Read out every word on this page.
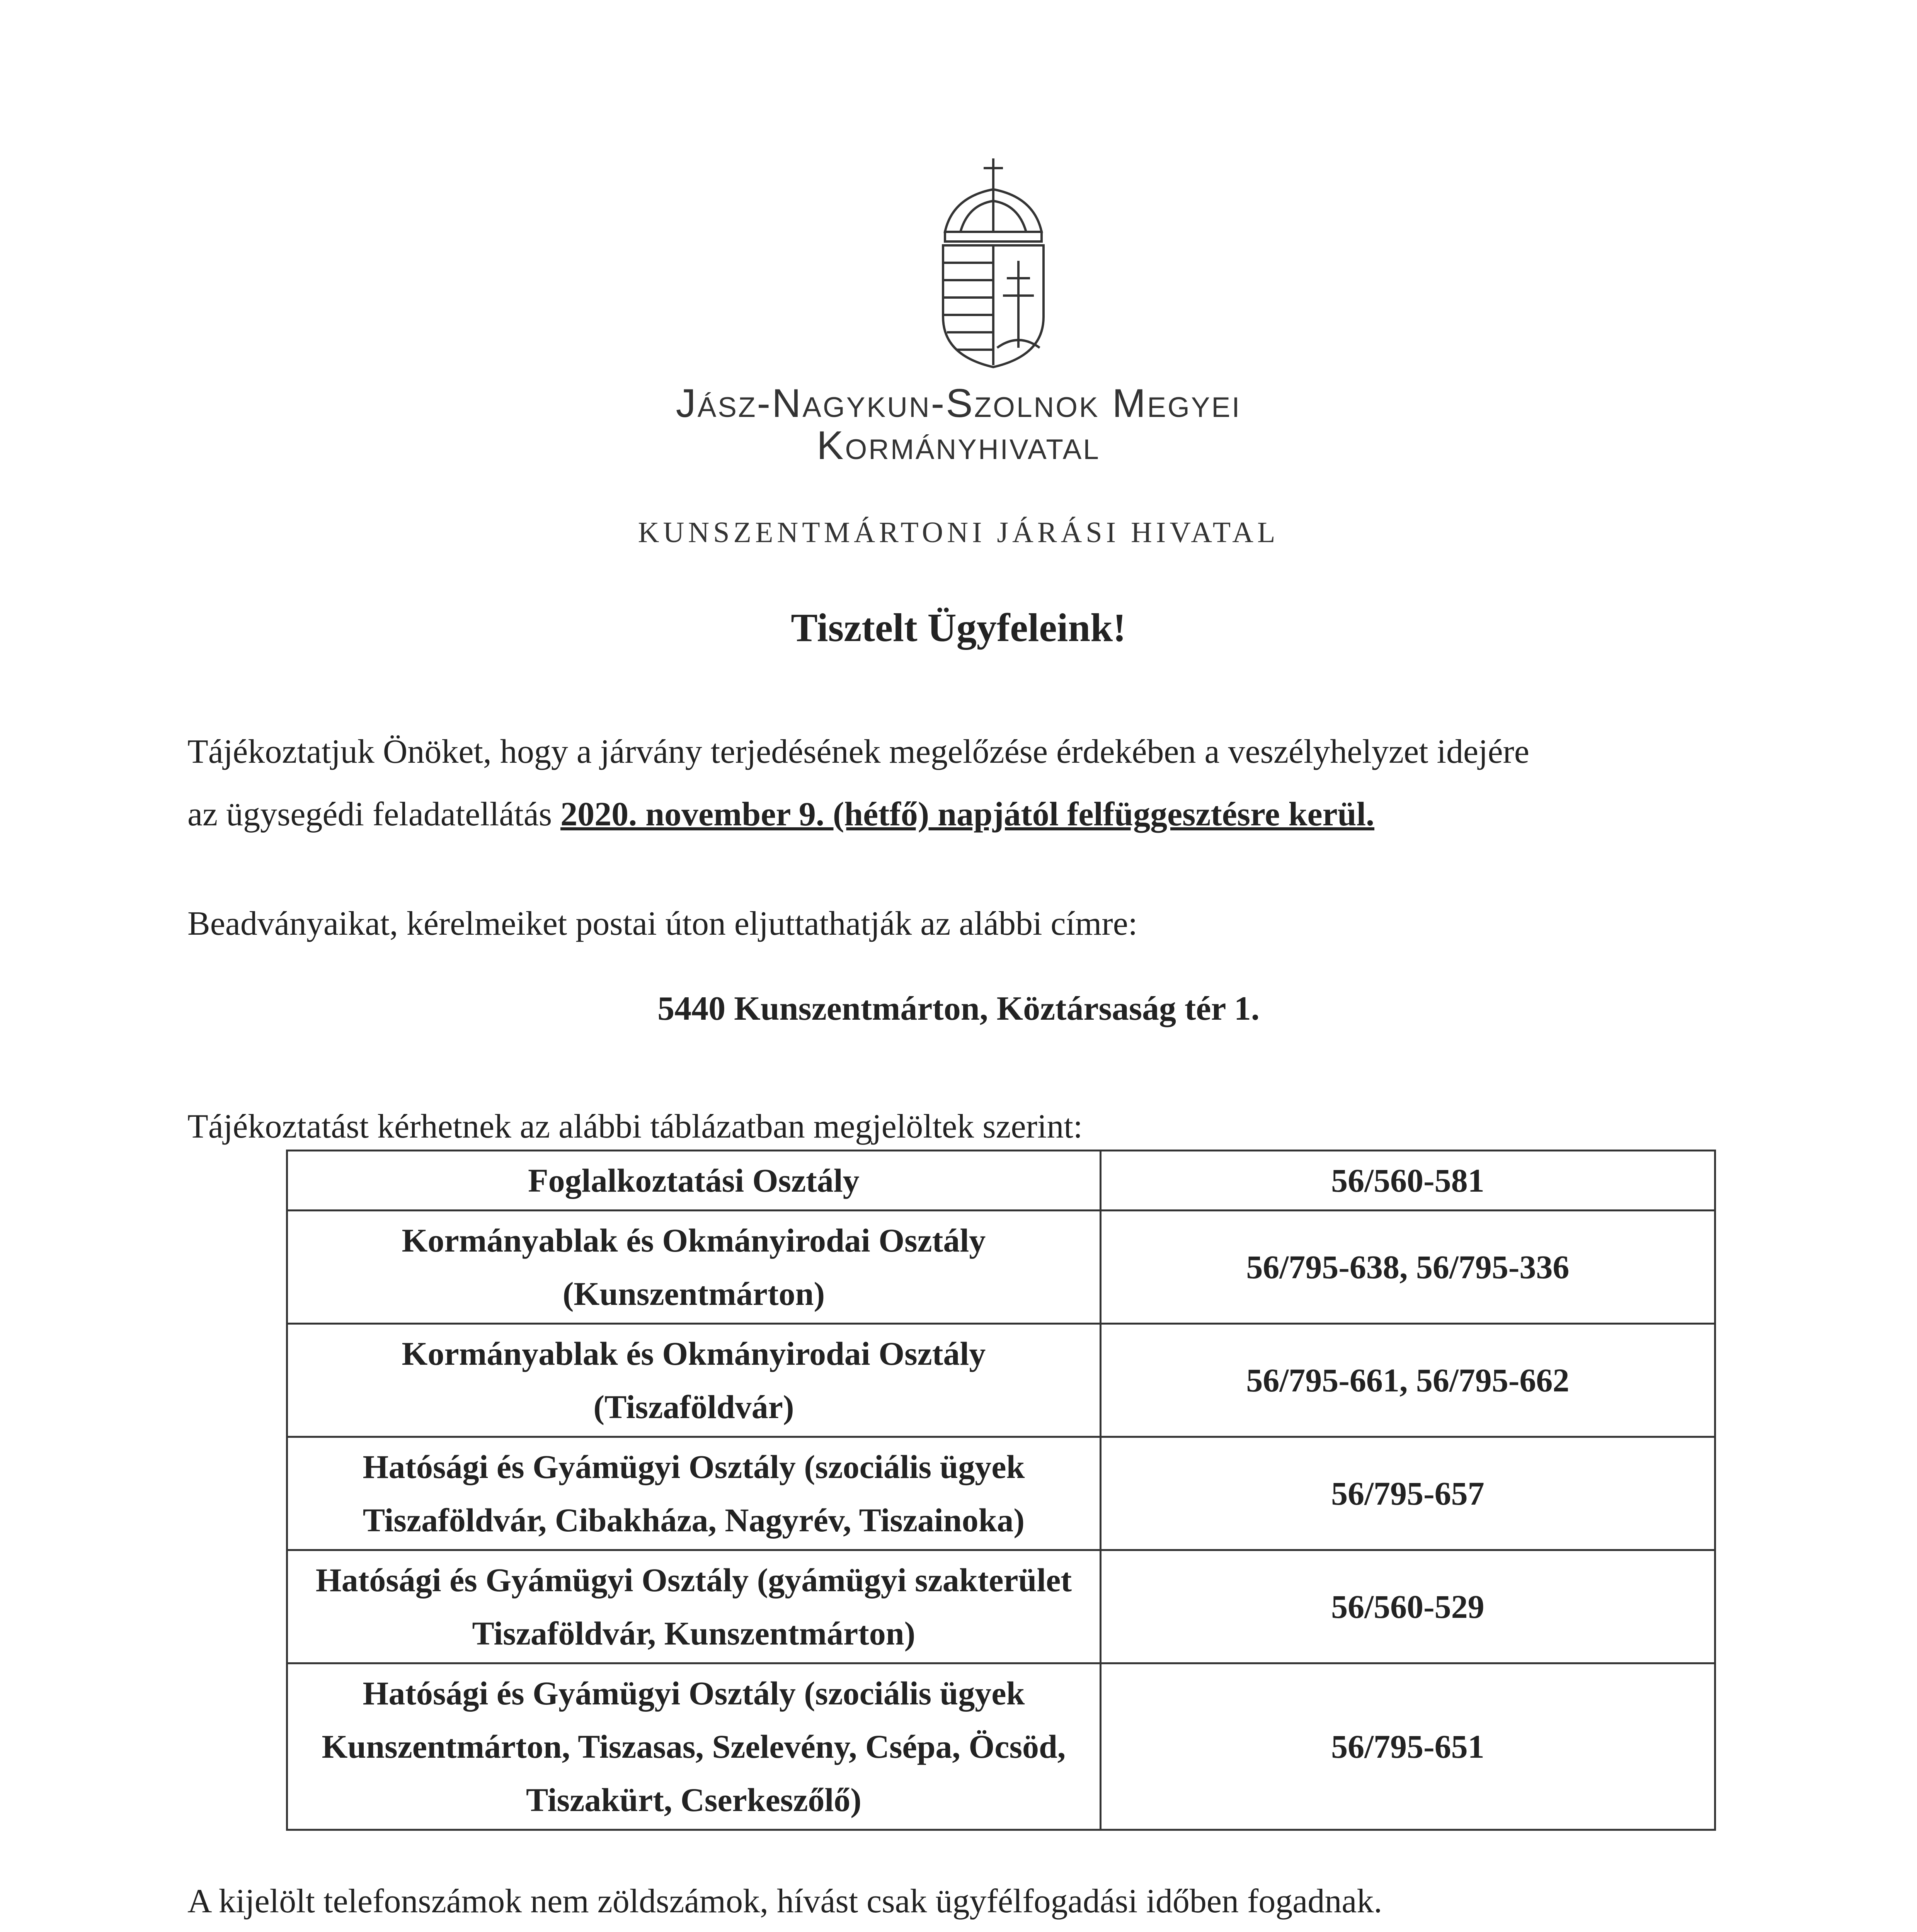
Jász-Nagykun-Szolnok Megyei
Kormányhivatal
KUNSZENTMÁRTONI JÁRÁSI HIVATAL
Tisztelt Ügyfeleink!
Tájékoztatjuk Önöket, hogy a járvány terjedésének megelőzése érdekében a veszélyhelyzet idejére
az ügysegédi feladatellátás 2020. november 9. (hétfő) napjától felfüggesztésre kerül.
Beadványaikat, kérelmeiket postai úton eljuttathatják az alábbi címre:
5440 Kunszentmárton, Köztársaság tér 1.
Tájékoztatást kérhetnek az alábbi táblázatban megjelöltek szerint:
Foglalkoztatási Osztály	56/560-581
Kormányablak és Okmányirodai Osztály (Kunszentmárton)	56/795-638, 56/795-336
Kormányablak és Okmányirodai Osztály (Tiszaföldvár)	56/795-661, 56/795-662
Hatósági és Gyámügyi Osztály (szociális ügyek Tiszaföldvár, Cibakháza, Nagyrév, Tiszainoka)	56/795-657
Hatósági és Gyámügyi Osztály (gyámügyi szakterület Tiszaföldvár, Kunszentmárton)	56/560-529
Hatósági és Gyámügyi Osztály (szociális ügyek Kunszentmárton, Tiszasas, Szelevény, Csépa, Öcsöd, Tiszakürt, Cserkeszőlő)	56/795-651
A kijelölt telefonszámok nem zöldszámok, hívást csak ügyfélfogadási időben fogadnak.
